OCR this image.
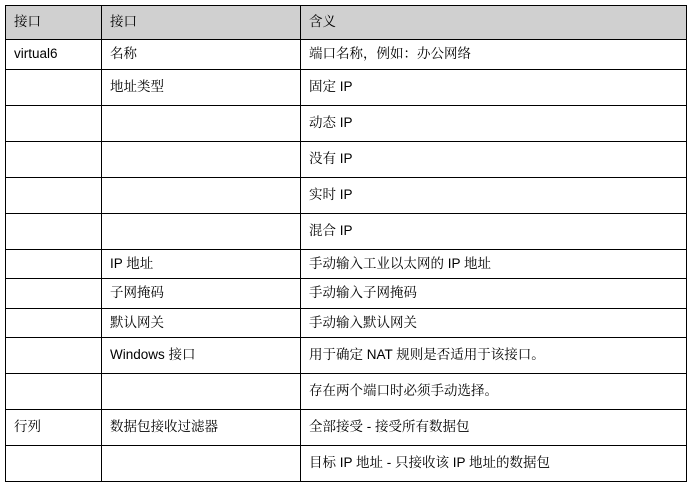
接口	接口	含义
virtual6	名称	端口名称，例如：办公网络
	地址类型	固定 IP
		动态 IP
		没有 IP
		实时 IP
		混合 IP
	IP 地址	手动输入工业以太网的 IP 地址
	子网掩码	手动输入子网掩码
	默认网关	手动输入默认网关
	Windows 接口	用于确定 NAT 规则是否适用于该接口。
		存在两个端口时必须手动选择。
行列	数据包接收过滤器	全部接受 - 接受所有数据包
		目标 IP 地址 - 只接收该 IP 地址的数据包
